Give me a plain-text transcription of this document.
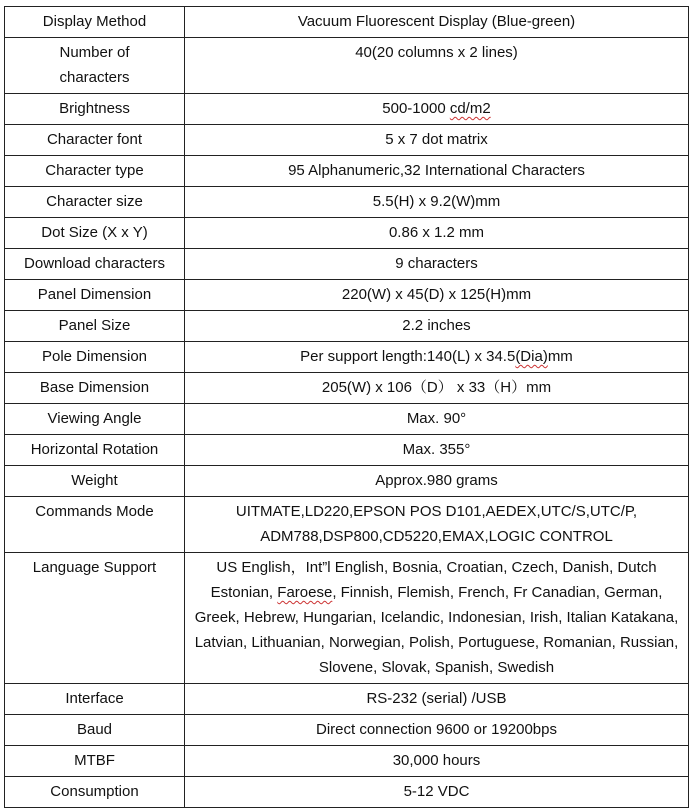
Display Method	Vacuum Fluorescent Display (Blue-green)
Number of characters	40(20 columns x 2 lines)
Brightness	500-1000 cd/m2
Character font	5 x 7 dot matrix
Character type	95 Alphanumeric,32 International Characters
Character size	5.5(H) x 9.2(W)mm
Dot Size (X x Y)	0.86 x 1.2 mm
Download characters	9 characters
Panel Dimension	220(W) x 45(D) x 125(H)mm
Panel Size	2.2 inches
Pole Dimension	Per support length:140(L) x 34.5(Dia)mm
Base Dimension	205(W) x 106（D） x 33（H）mm
Viewing Angle	Max. 90°
Horizontal Rotation	Max. 355°
Weight	Approx.980 grams
Commands Mode	UITMATE,LD220,EPSON POS D101,AEDEX,UTC/S,UTC/P, ADM788,DSP800,CD5220,EMAX,LOGIC CONTROL
Language Support	US English，Int”l English, Bosnia, Croatian, Czech, Danish, Dutch Estonian, Faroese, Finnish, Flemish, French, Fr Canadian, German, Greek, Hebrew, Hungarian, Icelandic, Indonesian, Irish, Italian Katakana, Latvian, Lithuanian, Norwegian, Polish, Portuguese, Romanian, Russian, Slovene, Slovak, Spanish, Swedish
Interface	RS-232 (serial) /USB
Baud	Direct connection 9600 or 19200bps
MTBF	30,000 hours
Consumption	5-12 VDC
